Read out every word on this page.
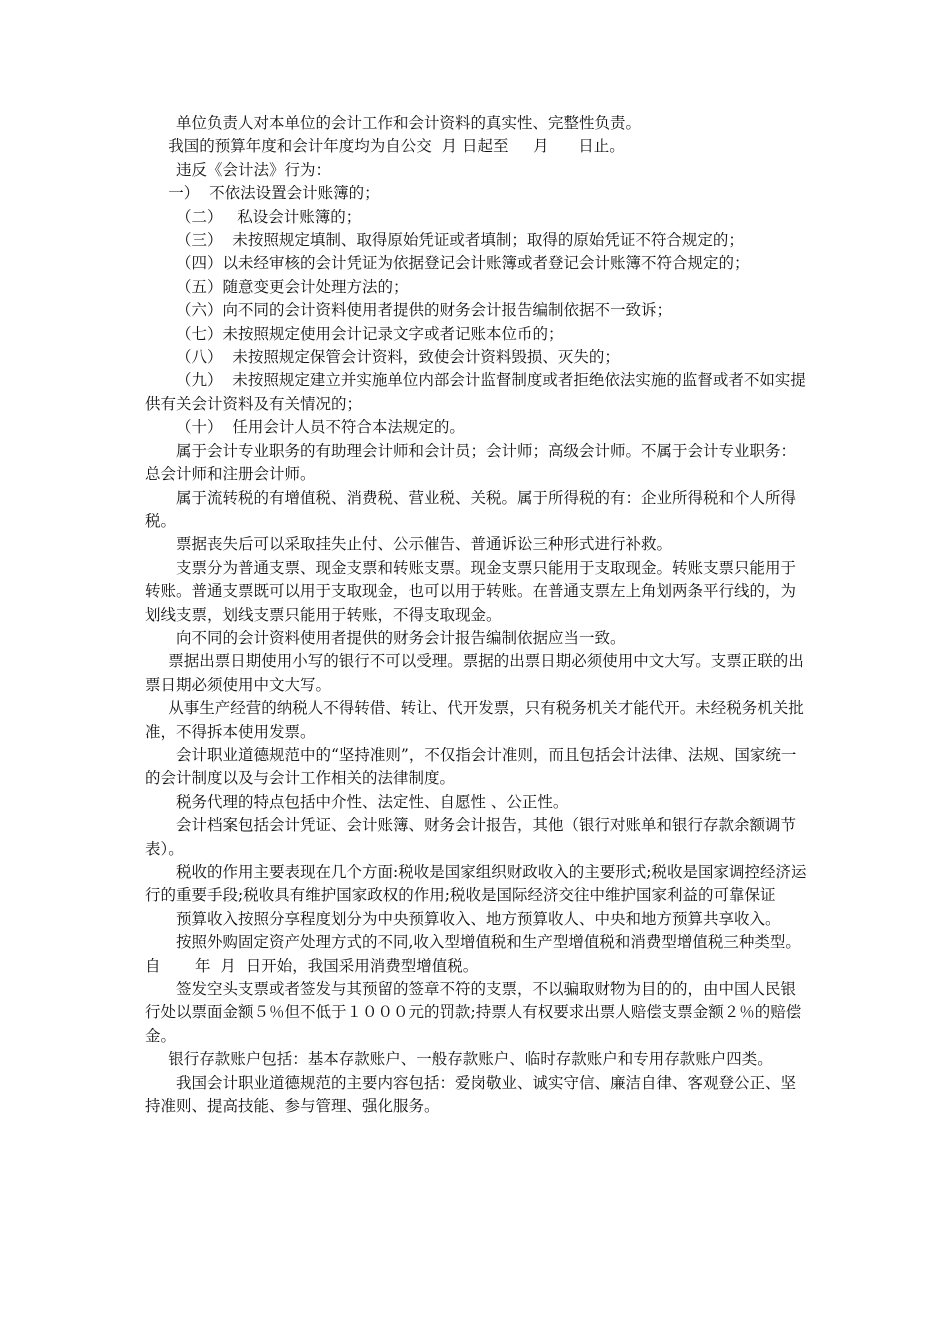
单位负责人对本单位的会计工作和会计资料的真实性、完整性负责。

我国的预算年度和会计年度均为自公交  月 日起至     月      日止。

违反《会计法》行为：

一）  不依法设置会计账簿的；

（二）   私设会计账簿的；

（三）  未按照规定填制、取得原始凭证或者填制；取得的原始凭证不符合规定的；

（四）以未经审核的会计凭证为依据登记会计账簿或者登记会计账簿不符合规定的；

（五）随意变更会计处理方法的；

（六）向不同的会计资料使用者提供的财务会计报告编制依据不一致诉；

（七）未按照规定使用会计记录文字或者记账本位币的；

（八）  未按照规定保管会计资料，致使会计资料毁损、灭失的；

（九）  未按照规定建立并实施单位内部会计监督制度或者拒绝依法实施的监督或者不如实提供有关会计资料及有关情况的；

（十）  任用会计人员不符合本法规定的。

属于会计专业职务的有助理会计师和会计员；会计师；高级会计师。不属于会计专业职务：总会计师和注册会计师。

属于流转税的有增值税、消费税、营业税、关税。属于所得税的有：企业所得税和个人所得税。

票据丧失后可以采取挂失止付、公示催告、普通诉讼三种形式进行补救。

支票分为普通支票、现金支票和转账支票。现金支票只能用于支取现金。转账支票只能用于转账。普通支票既可以用于支取现金，也可以用于转账。在普通支票左上角划两条平行线的，为划线支票，划线支票只能用于转账，不得支取现金。

向不同的会计资料使用者提供的财务会计报告编制依据应当一致。

票据出票日期使用小写的银行不可以受理。票据的出票日期必须使用中文大写。支票正联的出票日期必须使用中文大写。

从事生产经营的纳税人不得转借、转让、代开发票，只有税务机关才能代开。未经税务机关批准，不得拆本使用发票。

会计职业道德规范中的“坚持准则”，不仅指会计准则，而且包括会计法律、法规、国家统一的会计制度以及与会计工作相关的法律制度。

税务代理的特点包括中介性、法定性、自愿性 、公正性。

会计档案包括会计凭证、会计账簿、财务会计报告，其他（银行对账单和银行存款余额调节表）。

税收的作用主要表现在几个方面:税收是国家组织财政收入的主要形式;税收是国家调控经济运行的重要手段;税收具有维护国家政权的作用;税收是国际经济交往中维护国家利益的可靠保证

预算收入按照分享程度划分为中央预算收入、地方预算收人、中央和地方预算共享收入。

按照外购固定资产处理方式的不同,收入型增值税和生产型增值税和消费型增值税三种类型。自       年  月  日开始，我国采用消费型增值税。

签发空头支票或者签发与其预留的签章不符的支票，不以骗取财物为目的的，由中国人民银行处以票面金额５％但不低于１０００元的罚款;持票人有权要求出票人赔偿支票金额２％的赔偿金。

银行存款账户包括：基本存款账户、一般存款账户、临时存款账户和专用存款账户四类。

我国会计职业道德规范的主要内容包括：爱岗敬业、诚实守信、廉洁自律、客观登公正、坚持准则、提高技能、参与管理、强化服务。
